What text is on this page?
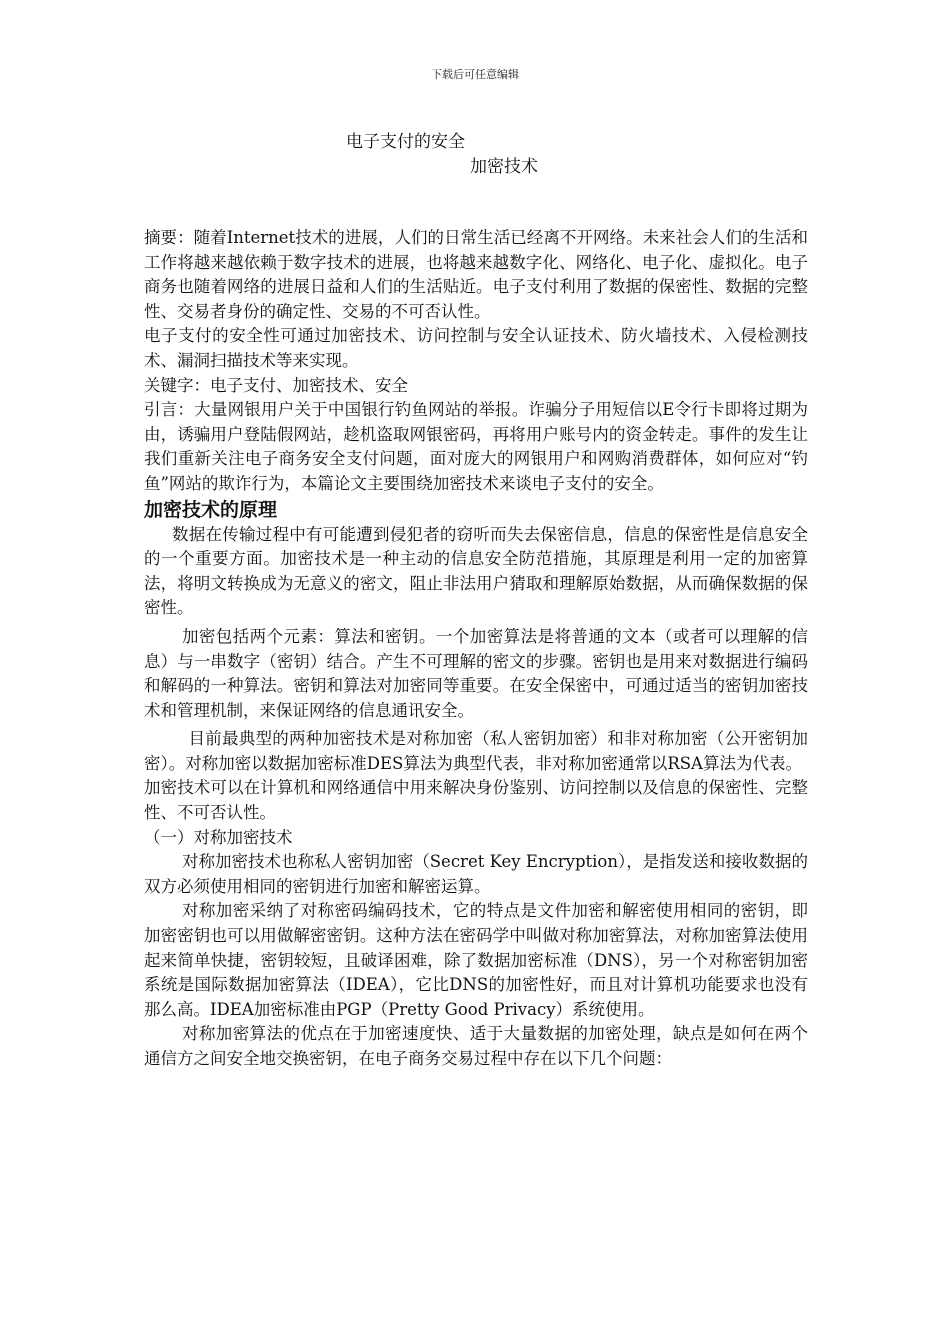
下载后可任意编辑
电子支付的安全
加密技术

摘要：随着Internet技术的进展，人们的日常生活已经离不开网络。未来社会人们的生活和工作将越来越依赖于数字技术的进展，也将越来越数字化、网络化、电子化、虚拟化。电子商务也随着网络的进展日益和人们的生活贴近。电子支付利用了数据的保密性、数据的完整性、交易者身份的确定性、交易的不可否认性。

电子支付的安全性可通过加密技术、访问控制与安全认证技术、防火墙技术、入侵检测技术、漏洞扫描技术等来实现。

关键字：电子支付、加密技术、安全

引言：大量网银用户关于中国银行钓鱼网站的举报。诈骗分子用短信以E令行卡即将过期为由，诱骗用户登陆假网站，趁机盗取网银密码，再将用户账号内的资金转走。事件的发生让我们重新关注电子商务安全支付问题，面对庞大的网银用户和网购消费群体，如何应对“钓鱼”网站的欺诈行为，本篇论文主要围绕加密技术来谈电子支付的安全。

加密技术的原理

数据在传输过程中有可能遭到侵犯者的窃听而失去保密信息，信息的保密性是信息安全的一个重要方面。加密技术是一种主动的信息安全防范措施，其原理是利用一定的加密算法，将明文转换成为无意义的密文，阻止非法用户猜取和理解原始数据，从而确保数据的保密性。

加密包括两个元素：算法和密钥。一个加密算法是将普通的文本（或者可以理解的信息）与一串数字（密钥）结合。产生不可理解的密文的步骤。密钥也是用来对数据进行编码和解码的一种算法。密钥和算法对加密同等重要。在安全保密中，可通过适当的密钥加密技术和管理机制，来保证网络的信息通讯安全。

目前最典型的两种加密技术是对称加密（私人密钥加密）和非对称加密（公开密钥加密）。对称加密以数据加密标准DES算法为典型代表，非对称加密通常以RSA算法为代表。

加密技术可以在计算机和网络通信中用来解决身份鉴别、访问控制以及信息的保密性、完整性、不可否认性。

（一）对称加密技术

对称加密技术也称私人密钥加密（Secret Key Encryption），是指发送和接收数据的双方必须使用相同的密钥进行加密和解密运算。

对称加密采纳了对称密码编码技术，它的特点是文件加密和解密使用相同的密钥，即加密密钥也可以用做解密密钥。这种方法在密码学中叫做对称加密算法，对称加密算法使用起来简单快捷，密钥较短，且破译困难，除了数据加密标准（DNS），另一个对称密钥加密系统是国际数据加密算法（IDEA），它比DNS的加密性好，而且对计算机功能要求也没有那么高。IDEA加密标准由PGP（Pretty Good Privacy）系统使用。

对称加密算法的优点在于加密速度快、适于大量数据的加密处理，缺点是如何在两个通信方之间安全地交换密钥，在电子商务交易过程中存在以下几个问题：
